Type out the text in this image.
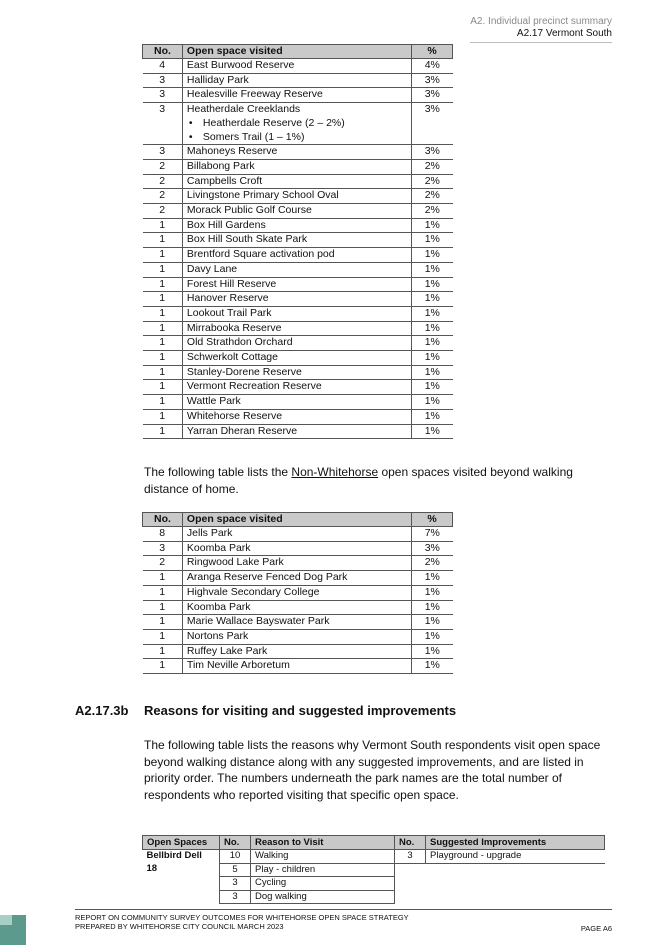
A2. Individual precinct summary
A2.17 Vermont South
No.	Open space visited	%
4	East Burwood Reserve	4%
3	Halliday Park	3%
3	Healesville Freeway Reserve	3%
3	Heatherdale Creeklands
• Heatherdale Reserve (2 – 2%)
• Somers Trail (1 – 1%)	3%
3	Mahoneys Reserve	3%
2	Billabong Park	2%
2	Campbells Croft	2%
2	Livingstone Primary School Oval	2%
2	Morack Public Golf Course	2%
1	Box Hill Gardens	1%
1	Box Hill South Skate Park	1%
1	Brentford Square activation pod	1%
1	Davy Lane	1%
1	Forest Hill Reserve	1%
1	Hanover Reserve	1%
1	Lookout Trail Park	1%
1	Mirrabooka Reserve	1%
1	Old Strathdon Orchard	1%
1	Schwerkolt Cottage	1%
1	Stanley-Dorene Reserve	1%
1	Vermont Recreation Reserve	1%
1	Wattle Park	1%
1	Whitehorse Reserve	1%
1	Yarran Dheran Reserve	1%
The following table lists the Non-Whitehorse open spaces visited beyond walking distance of home.
No.	Open space visited	%
8	Jells Park	7%
3	Koomba Park	3%
2	Ringwood Lake Park	2%
1	Aranga Reserve Fenced Dog Park	1%
1	Highvale Secondary College	1%
1	Koomba Park	1%
1	Marie Wallace Bayswater Park	1%
1	Nortons Park	1%
1	Ruffey Lake Park	1%
1	Tim Neville Arboretum	1%
A2.17.3b Reasons for visiting and suggested improvements
The following table lists the reasons why Vermont South respondents visit open space beyond walking distance along with any suggested improvements, and are listed in priority order. The numbers underneath the park names are the total number of respondents who reported visiting that specific open space.
Open Spaces	No.	Reason to Visit	No.	Suggested Improvements

Bellbird Dell
18	10	Walking	3	Playground - upgrade
	5	Play - children		
	3	Cycling		
	3	Dog walking		
REPORT ON COMMUNITY SURVEY OUTCOMES FOR WHITEHORSE OPEN SPACE STRATEGY
PREPARED BY WHITEHORSE CITY COUNCIL MARCH 2023	PAGE A6
